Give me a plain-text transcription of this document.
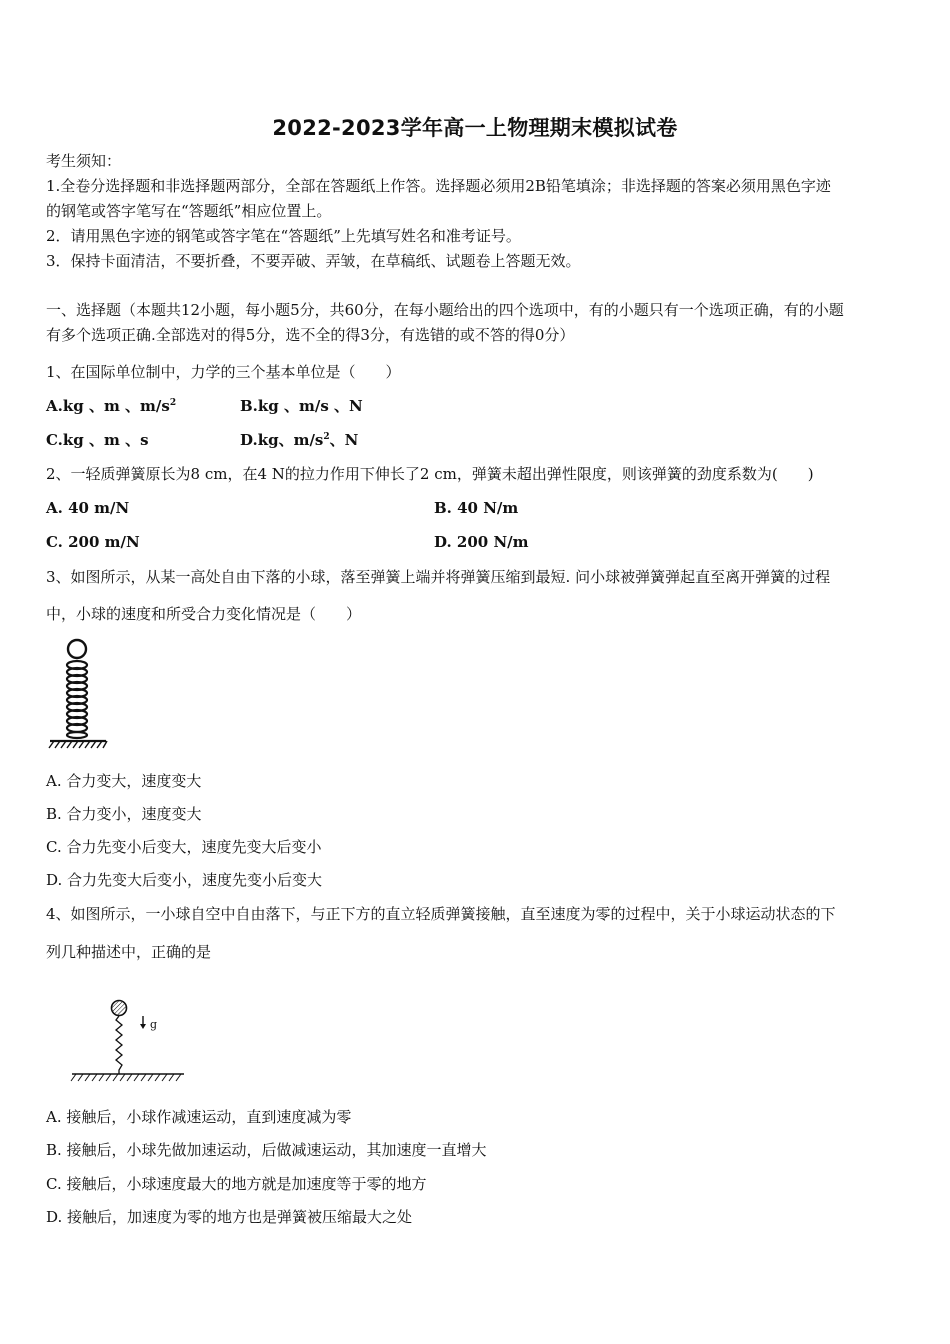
2022-2023学年高一上物理期末模拟试卷
考生须知：
1.全卷分选择题和非选择题两部分，全部在答题纸上作答。选择题必须用2B铅笔填涂；非选择题的答案必须用黑色字迹
的钢笔或答字笔写在“答题纸”相应位置上。
2．请用黑色字迹的钢笔或答字笔在“答题纸”上先填写姓名和准考证号。
3．保持卡面清洁，不要折叠，不要弄破、弄皱，在草稿纸、试题卷上答题无效。
一、选择题（本题共12小题，每小题5分，共60分，在每小题给出的四个选项中，有的小题只有一个选项正确，有的小题
有多个选项正确.全部选对的得5分，选不全的得3分，有选错的或不答的得0分）
1、在国际单位制中，力学的三个基本单位是（　　）
A.kg 、m 、$m/s^2$	B.kg 、m/s 、N
C.kg 、m 、s	D.kg、$m/s^2$、N
2、一轻质弹簧原长为8 cm，在4 N的拉力作用下伸长了2 cm，弹簧未超出弹性限度，则该弹簧的劲度系数为(　　)
A. 40 m/N	B. 40 N/m
C. 200 m/N	D. 200 N/m
3、如图所示，从某一高处自由下落的小球，落至弹簧上端并将弹簧压缩到最短. 问小球被弹簧弹起直至离开弹簧的过程
中，小球的速度和所受合力变化情况是（　　）
A. 合力变大，速度变大
B. 合力变小，速度变大
C. 合力先变小后变大，速度先变大后变小
D. 合力先变大后变小，速度先变小后变大
4、如图所示，一小球自空中自由落下，与正下方的直立轻质弹簧接触，直至速度为零的过程中，关于小球运动状态的下
列几种描述中，正确的是
g
A. 接触后，小球作减速运动，直到速度减为零
B. 接触后，小球先做加速运动，后做减速运动，其加速度一直增大
C. 接触后，小球速度最大的地方就是加速度等于零的地方
D. 接触后，加速度为零的地方也是弹簧被压缩最大之处
